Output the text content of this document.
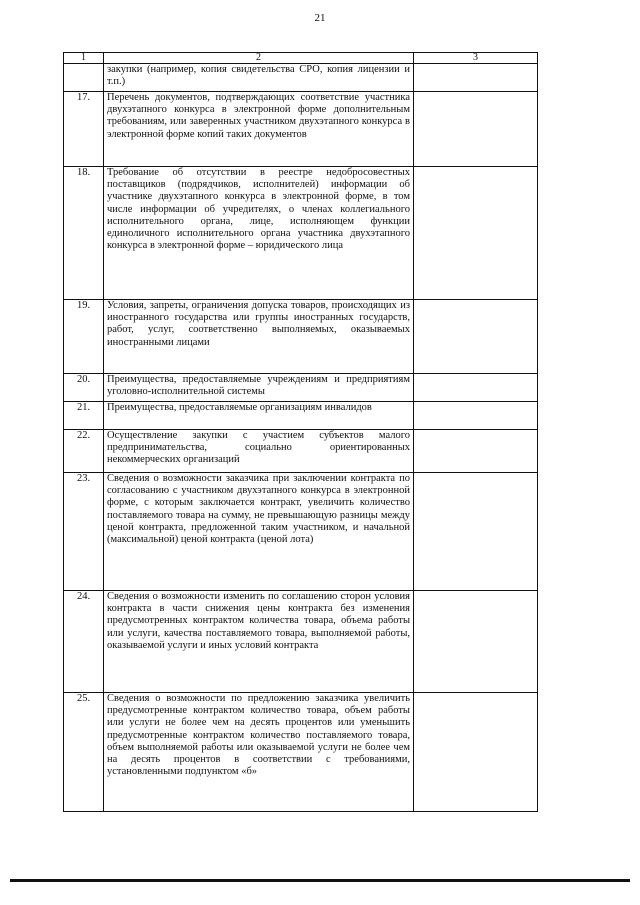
21
1	2	3
	закупки (например, копия свидетельства СРО, копия лицензии и т.п.)	
17.	Перечень документов, подтверждающих соответствие участника двухэтапного конкурса в электронной форме дополнительным требованиям, или заверенных участником двухэтапного конкурса в электронной форме копий таких документов	
18.	Требование об отсутствии в реестре недобросовестных поставщиков (подрядчиков, исполнителей) информации об участнике двухэтапного конкурса в электронной форме, в том числе информации об учредителях, о членах коллегиального исполнительного органа, лице, исполняющем функции единоличного исполнительного органа участника двухэтапного конкурса в электронной форме – юридического лица	
19.	Условия, запреты, ограничения допуска товаров, происходящих из иностранного государства или группы иностранных государств, работ, услуг, соответственно выполняемых, оказываемых иностранными лицами	
20.	Преимущества, предоставляемые учреждениям и предприятиям уголовно-исполнительной системы	
21.	Преимущества, предоставляемые организациям инвалидов	
22.	Осуществление закупки с участием субъектов малого предпринимательства, социально ориентированных некоммерческих организаций	
23.	Сведения о возможности заказчика при заключении контракта по согласованию с участником двухэтапного конкурса в электронной форме, с которым заключается контракт, увеличить количество поставляемого товара на сумму, не превышающую разницы между ценой контракта, предложенной таким участником, и начальной (максимальной) ценой контракта (ценой лота)	
24.	Сведения о возможности изменить по соглашению сторон условия контракта в части снижения цены контракта без изменения предусмотренных контрактом количества товара, объема работы или услуги, качества поставляемого товара, выполняемой работы, оказываемой услуги и иных условий контракта	
25.	Сведения о возможности по предложению заказчика увеличить предусмотренные контрактом количество товара, объем работы или услуги не более чем на десять процентов или уменьшить предусмотренные контрактом количество поставляемого товара, объем выполняемой работы или оказываемой услуги не более чем на десять процентов в соответствии с требованиями, установленными подпунктом «б»	
